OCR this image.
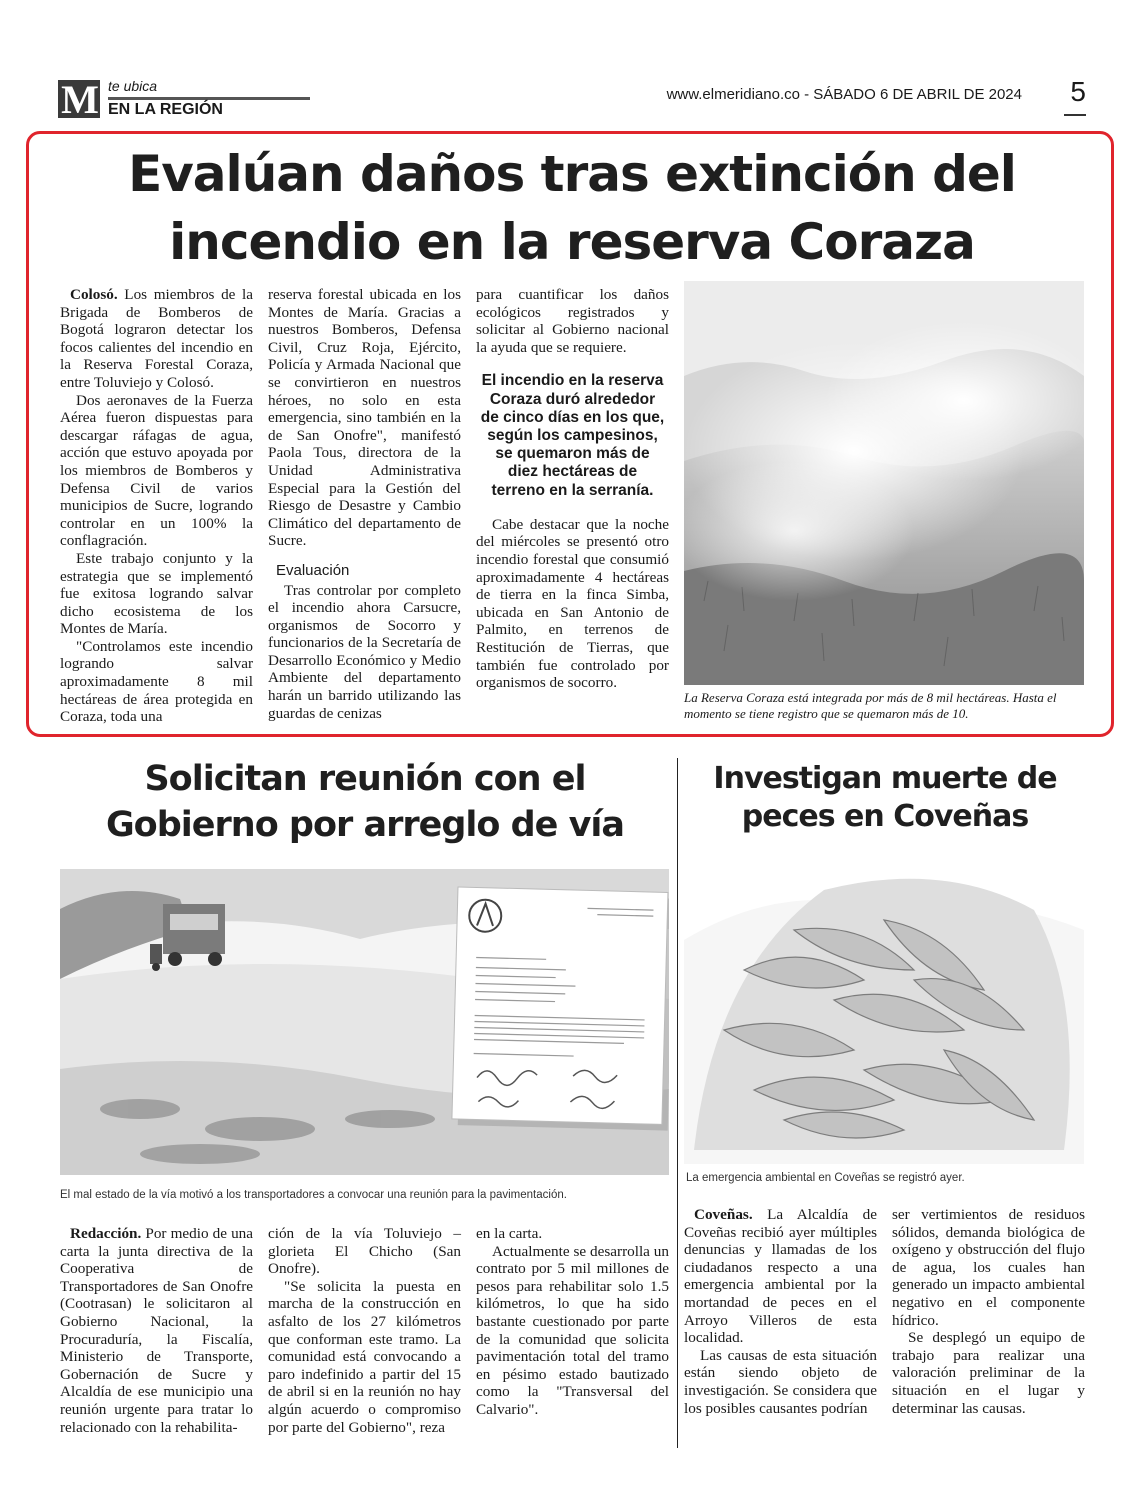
M te ubica
EN LA REGIÓN
www.elmeridiano.co - SÁBADO 6 DE ABRIL DE 2024 5
Evalúan daños tras extinción del
incendio en la reserva Coraza

Colosó. Los miembros de la Brigada de Bomberos de Bogotá lograron detectar los focos calientes del incendio en la Reserva Forestal Coraza, entre Toluviejo y Colosó.

Dos aeronaves de la Fuerza Aérea fueron dispuestas para descargar ráfagas de agua, acción que estuvo apoyada por los miembros de Bomberos y Defensa Civil de varios municipios de Sucre, logrando controlar en un 100% la conflagración.

Este trabajo conjunto y la estrategia que se implementó fue exitosa logrando salvar dicho ecosistema de los Montes de María.

"Controlamos este incendio logrando salvar aproximadamente 8 mil hectáreas de área protegida en Coraza, toda una

reserva forestal ubicada en los Montes de María. Gracias a nuestros Bomberos, Defensa Civil, Cruz Roja, Ejército, Policía y Armada Nacional que se convirtieron en nuestros héroes, no solo en esta emergencia, sino también en la de San Onofre", manifestó Paola Tous, directora de la Unidad Administrativa Especial para la Gestión del Riesgo de Desastre y Cambio Climático del departamento de Sucre.

Evaluación

Tras controlar por completo el incendio ahora Carsucre, organismos de Socorro y funcionarios de la Secretaría de Desarrollo Económico y Medio Ambiente del departamento harán un barrido utilizando las guardas de cenizas

para cuantificar los daños ecológicos registrados y solicitar al Gobierno nacional la ayuda que se requiere.

El incendio en la reserva Coraza duró alrededor de cinco días en los que, según los campesinos, se quemaron más de diez hectáreas de terreno en la serranía.

Cabe destacar que la noche del miércoles se presentó otro incendio forestal que consumió aproximadamente 4 hectáreas de tierra en la finca Simba, ubicada en San Antonio de Palmito, en terrenos de Restitución de Tierras, que también fue controlado por organismos de socorro.

La Reserva Coraza está integrada por más de 8 mil hectáreas. Hasta el momento se tiene registro que se quemaron más de 10.
Solicitan reunión con el
Gobierno por arreglo de vía
El mal estado de la vía motivó a los transportadores a convocar una reunión para la pavimentación.

Redacción. Por medio de una carta la junta directiva de la Cooperativa de Transportadores de San Onofre (Cootrasan) le solicitaron al Gobierno Nacional, la Procuraduría, la Fiscalía, Ministerio de Transporte, Gobernación de Sucre y Alcaldía de ese municipio una reunión urgente para tratar lo relacionado con la rehabilita-

ción de la vía Toluviejo – glorieta El Chicho (San Onofre).

"Se solicita la puesta en marcha de la construcción en asfalto de los 27 kilómetros que conforman este tramo. La comunidad está convocando a paro indefinido a partir del 15 de abril si en la reunión no hay algún acuerdo o compromiso por parte del Gobierno", reza

en la carta.

Actualmente se desarrolla un contrato por 5 mil millones de pesos para rehabilitar solo 1.5 kilómetros, lo que ha sido bastante cuestionado por parte de la comunidad que solicita pavimentación total del tramo en pésimo estado bautizado como la "Transversal del Calvario".

Investigan muerte de
peces en Coveñas
La emergencia ambiental en Coveñas se registró ayer.

Coveñas. La Alcaldía de Coveñas recibió ayer múltiples denuncias y llamadas de los ciudadanos respecto a una emergencia ambiental por la mortandad de peces en el Arroyo Villeros de esta localidad.

Las causas de esta situación están siendo objeto de investigación. Se considera que los posibles causantes podrían

ser vertimientos de residuos sólidos, demanda biológica de oxígeno y obstrucción del flujo de agua, los cuales han generado un impacto ambiental negativo en el componente hídrico.

Se desplegó un equipo de trabajo para realizar una valoración preliminar de la situación en el lugar y determinar las causas.
